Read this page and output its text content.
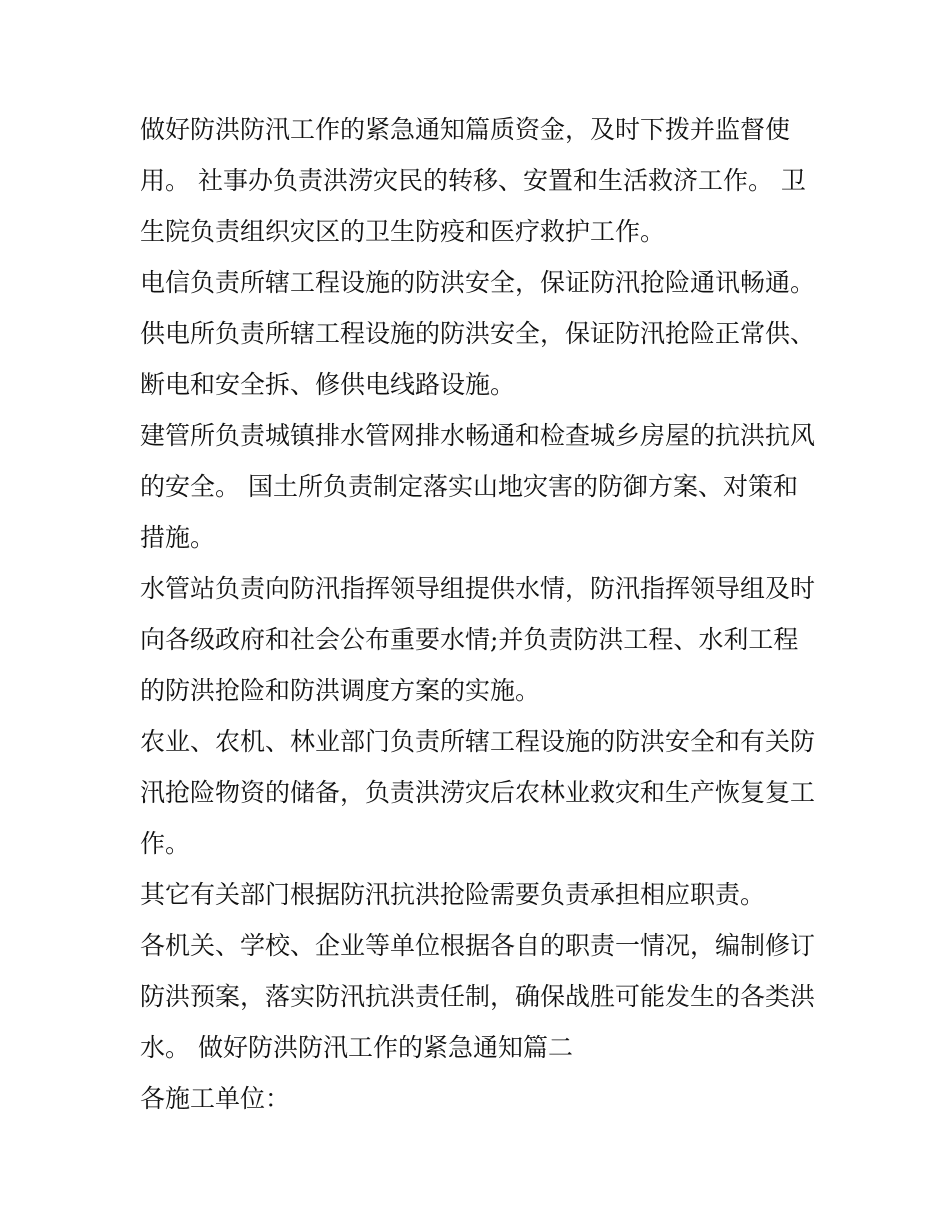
做好防洪防汛工作的紧急通知篇质资金，及时下拨并监督使用。 社事办负责洪涝灾民的转移、安置和生活救济工作。 卫生院负责组织灾区的卫生防疫和医疗救护工作。

电信负责所辖工程设施的防洪安全，保证防汛抢险通讯畅通。

供电所负责所辖工程设施的防洪安全，保证防汛抢险正常供、断电和安全拆、修供电线路设施。

建管所负责城镇排水管网排水畅通和检查城乡房屋的抗洪抗风的安全。 国土所负责制定落实山地灾害的防御方案、对策和措施。

水管站负责向防汛指挥领导组提供水情，防汛指挥领导组及时向各级政府和社会公布重要水情;并负责防洪工程、水利工程的防洪抢险和防洪调度方案的实施。

农业、农机、林业部门负责所辖工程设施的防洪安全和有关防汛抢险物资的储备，负责洪涝灾后农林业救灾和生产恢复复工作。

其它有关部门根据防汛抗洪抢险需要负责承担相应职责。

各机关、学校、企业等单位根据各自的职责一情况，编制修订防洪预案，落实防汛抗洪责任制，确保战胜可能发生的各类洪水。 做好防洪防汛工作的紧急通知篇二

各施工单位：
